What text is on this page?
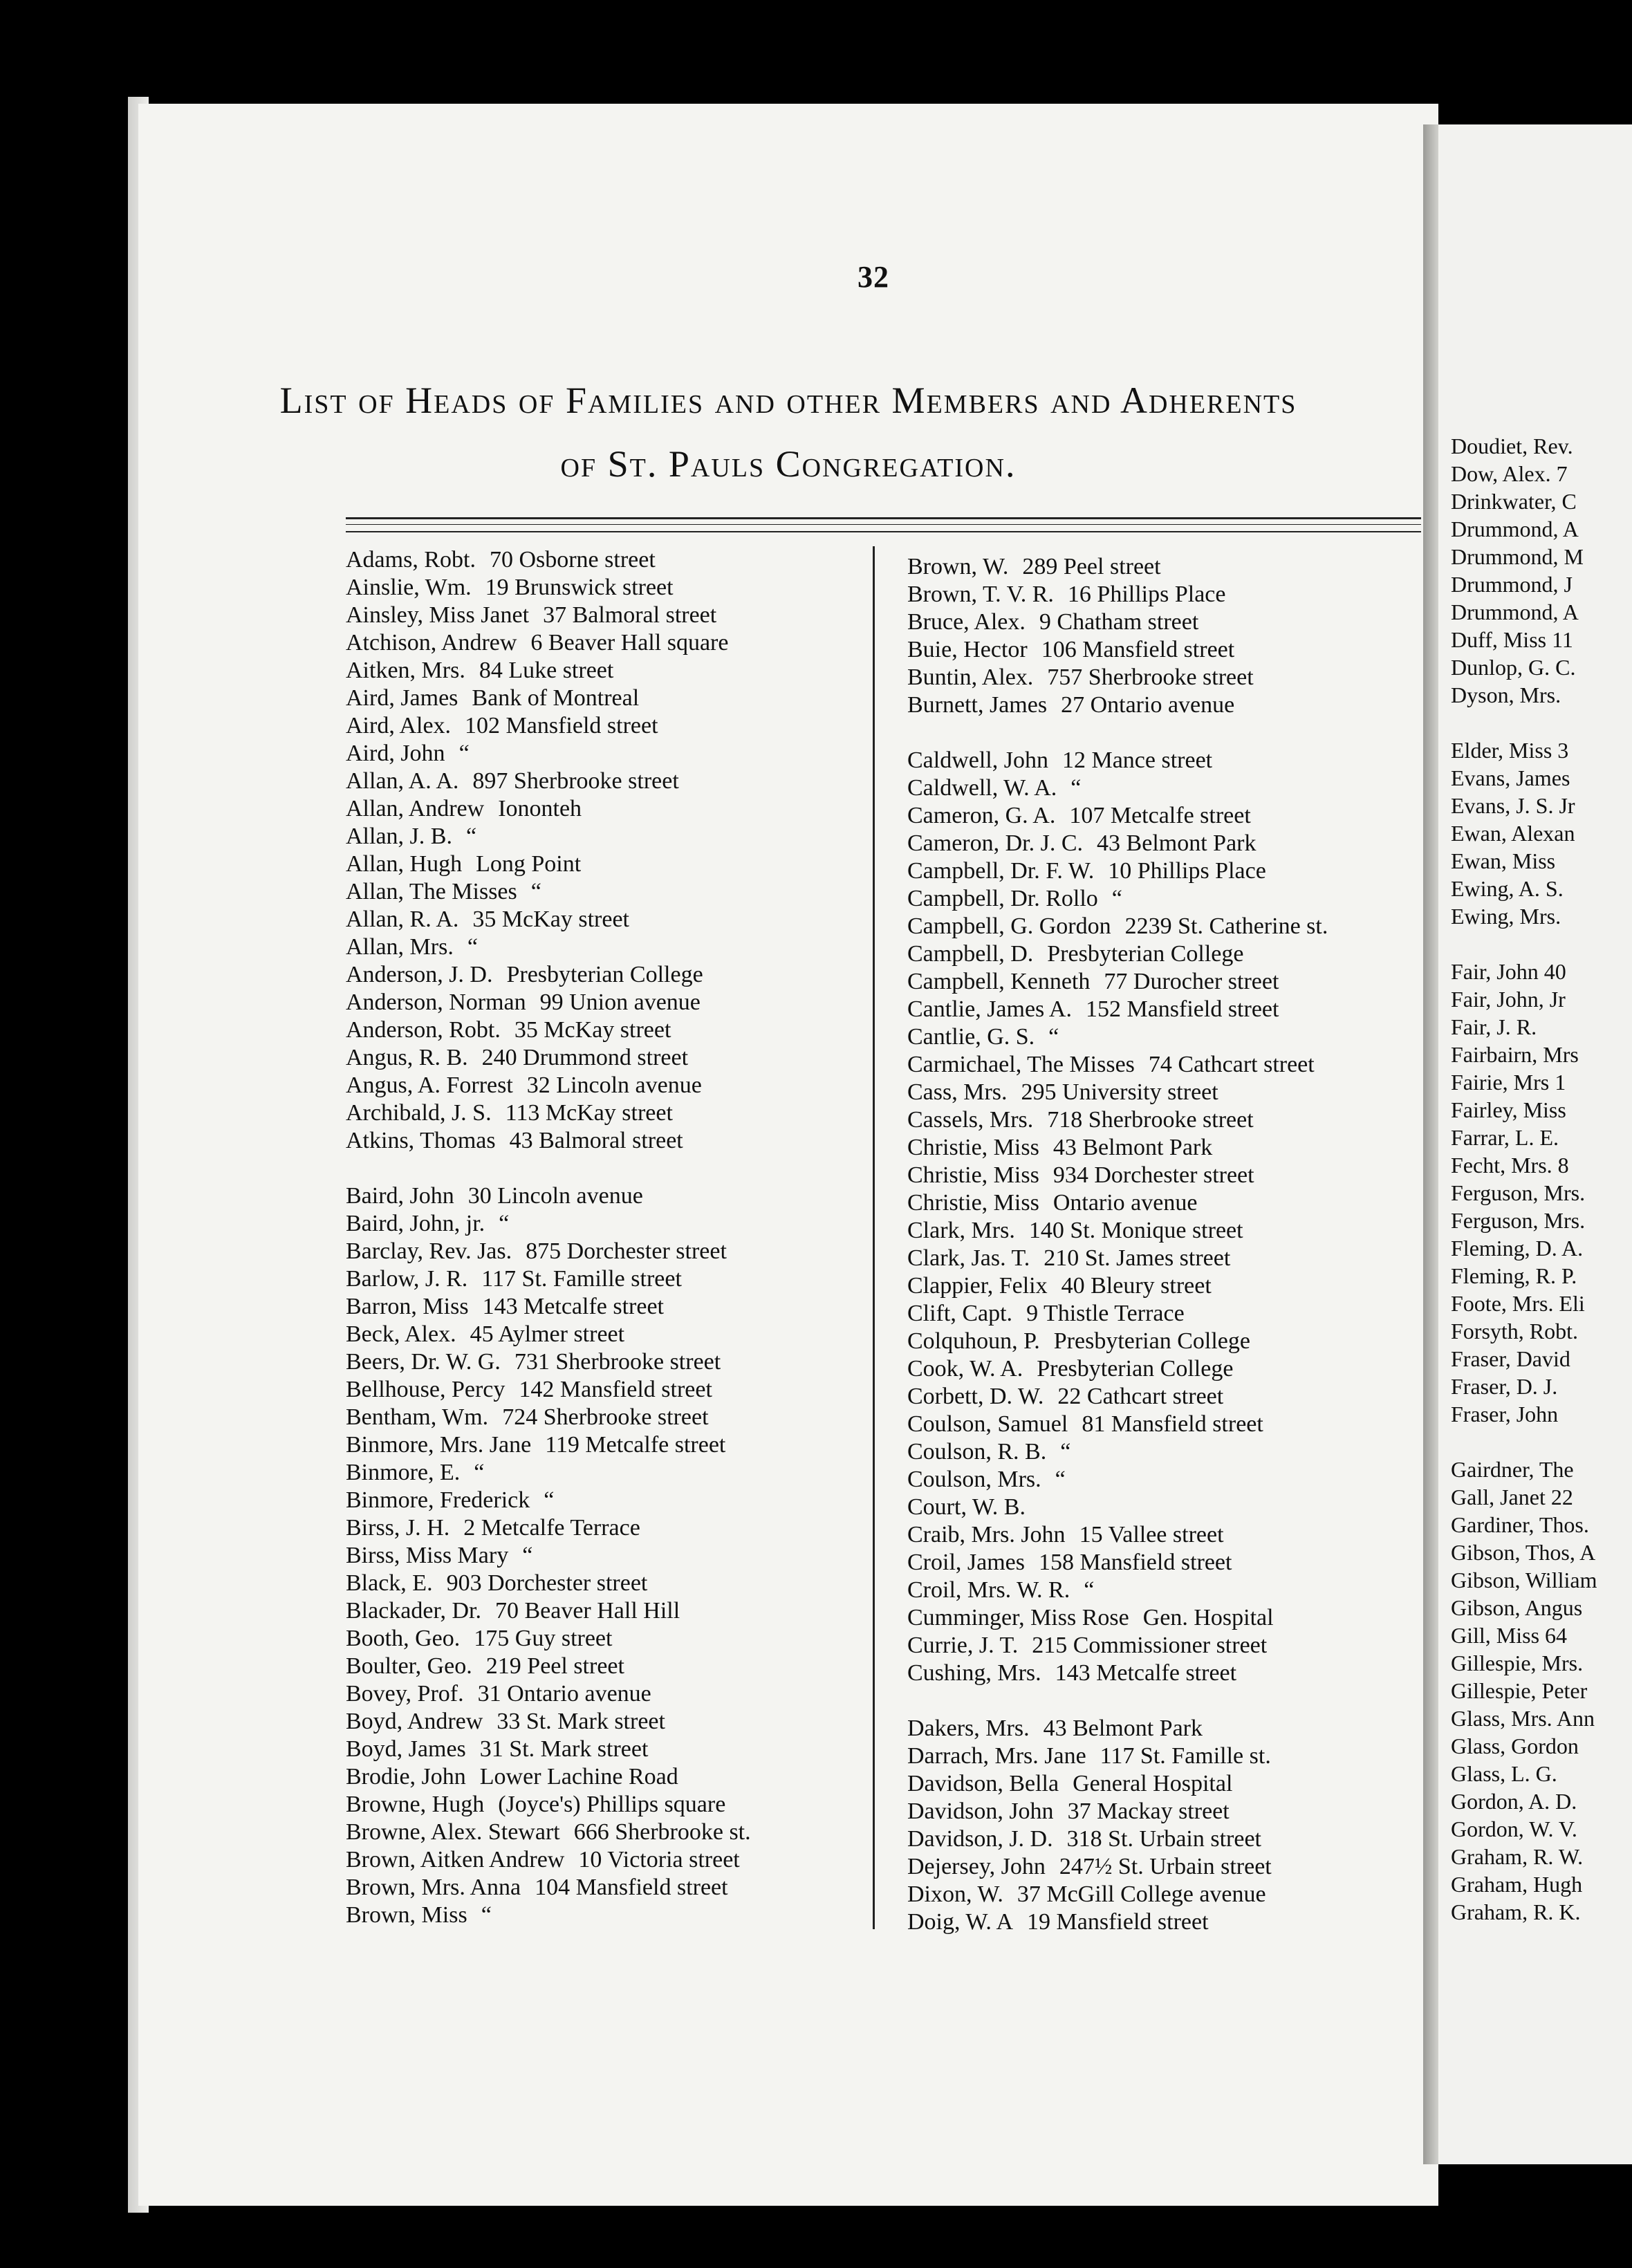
32
List of Heads of Families and other Members and Adherents
of St. Pauls Congregation.
Adams, Robt. 70 Osborne street
Ainslie, Wm. 19 Brunswick street
Ainsley, Miss Janet 37 Balmoral street
Atchison, Andrew 6 Beaver Hall square
Aitken, Mrs. 84 Luke street
Aird, James Bank of Montreal
Aird, Alex. 102 Mansfield street
Aird, John “
Allan, A. A. 897 Sherbrooke street
Allan, Andrew Iononteh
Allan, J. B. “
Allan, Hugh Long Point
Allan, The Misses “
Allan, R. A. 35 McKay street
Allan, Mrs. “
Anderson, J. D. Presbyterian College
Anderson, Norman 99 Union avenue
Anderson, Robt. 35 McKay street
Angus, R. B. 240 Drummond street
Angus, A. Forrest 32 Lincoln avenue
Archibald, J. S. 113 McKay street
Atkins, Thomas 43 Balmoral street
Baird, John 30 Lincoln avenue
Baird, John, jr. “
Barclay, Rev. Jas. 875 Dorchester street
Barlow, J. R. 117 St. Famille street
Barron, Miss 143 Metcalfe street
Beck, Alex. 45 Aylmer street
Beers, Dr. W. G. 731 Sherbrooke street
Bellhouse, Percy 142 Mansfield street
Bentham, Wm. 724 Sherbrooke street
Binmore, Mrs. Jane 119 Metcalfe street
Binmore, E. “
Binmore, Frederick “
Birss, J. H. 2 Metcalfe Terrace
Birss, Miss Mary “
Black, E. 903 Dorchester street
Blackader, Dr. 70 Beaver Hall Hill
Booth, Geo. 175 Guy street
Boulter, Geo. 219 Peel street
Bovey, Prof. 31 Ontario avenue
Boyd, Andrew 33 St. Mark street
Boyd, James 31 St. Mark street
Brodie, John Lower Lachine Road
Browne, Hugh (Joyce's) Phillips square
Browne, Alex. Stewart 666 Sherbrooke st.
Brown, Aitken Andrew 10 Victoria street
Brown, Mrs. Anna 104 Mansfield street
Brown, Miss “
Brown, W. 289 Peel street
Brown, T. V. R. 16 Phillips Place
Bruce, Alex. 9 Chatham street
Buie, Hector 106 Mansfield street
Buntin, Alex. 757 Sherbrooke street
Burnett, James 27 Ontario avenue
Caldwell, John 12 Mance street
Caldwell, W. A. “
Cameron, G. A. 107 Metcalfe street
Cameron, Dr. J. C. 43 Belmont Park
Campbell, Dr. F. W. 10 Phillips Place
Campbell, Dr. Rollo “
Campbell, G. Gordon 2239 St. Catherine st.
Campbell, D. Presbyterian College
Campbell, Kenneth 77 Durocher street
Cantlie, James A. 152 Mansfield street
Cantlie, G. S. “
Carmichael, The Misses 74 Cathcart street
Cass, Mrs. 295 University street
Cassels, Mrs. 718 Sherbrooke street
Christie, Miss 43 Belmont Park
Christie, Miss 934 Dorchester street
Christie, Miss Ontario avenue
Clark, Mrs. 140 St. Monique street
Clark, Jas. T. 210 St. James street
Clappier, Felix 40 Bleury street
Clift, Capt. 9 Thistle Terrace
Colquhoun, P. Presbyterian College
Cook, W. A. Presbyterian College
Corbett, D. W. 22 Cathcart street
Coulson, Samuel 81 Mansfield street
Coulson, R. B. “
Coulson, Mrs. “
Court, W. B.
Craib, Mrs. John 15 Vallee street
Croil, James 158 Mansfield street
Croil, Mrs. W. R. “
Cumminger, Miss Rose Gen. Hospital
Currie, J. T. 215 Commissioner street
Cushing, Mrs. 143 Metcalfe street
Dakers, Mrs. 43 Belmont Park
Darrach, Mrs. Jane 117 St. Famille st.
Davidson, Bella General Hospital
Davidson, John 37 Mackay street
Davidson, J. D. 318 St. Urbain street
Dejersey, John 247½ St. Urbain street
Dixon, W. 37 McGill College avenue
Doig, W. A 19 Mansfield street
Doudiet, Rev.
Dow, Alex. 7
Drinkwater, C
Drummond, A
Drummond, M
Drummond, J
Drummond, A
Duff, Miss 11
Dunlop, G. C.
Dyson, Mrs.
Elder, Miss 3
Evans, James
Evans, J. S. Jr
Ewan, Alexan
Ewan, Miss
Ewing, A. S.
Ewing, Mrs.
Fair, John 40
Fair, John, Jr
Fair, J. R.
Fairbairn, Mrs
Fairie, Mrs 1
Fairley, Miss
Farrar, L. E.
Fecht, Mrs. 8
Ferguson, Mrs.
Ferguson, Mrs.
Fleming, D. A.
Fleming, R. P.
Foote, Mrs. Eli
Forsyth, Robt.
Fraser, David
Fraser, D. J.
Fraser, John
Gairdner, The
Gall, Janet 22
Gardiner, Thos.
Gibson, Thos, A
Gibson, William
Gibson, Angus
Gill, Miss 64
Gillespie, Mrs.
Gillespie, Peter
Glass, Mrs. Ann
Glass, Gordon
Glass, L. G.
Gordon, A. D.
Gordon, W. V.
Graham, R. W.
Graham, Hugh
Graham, R. K.
